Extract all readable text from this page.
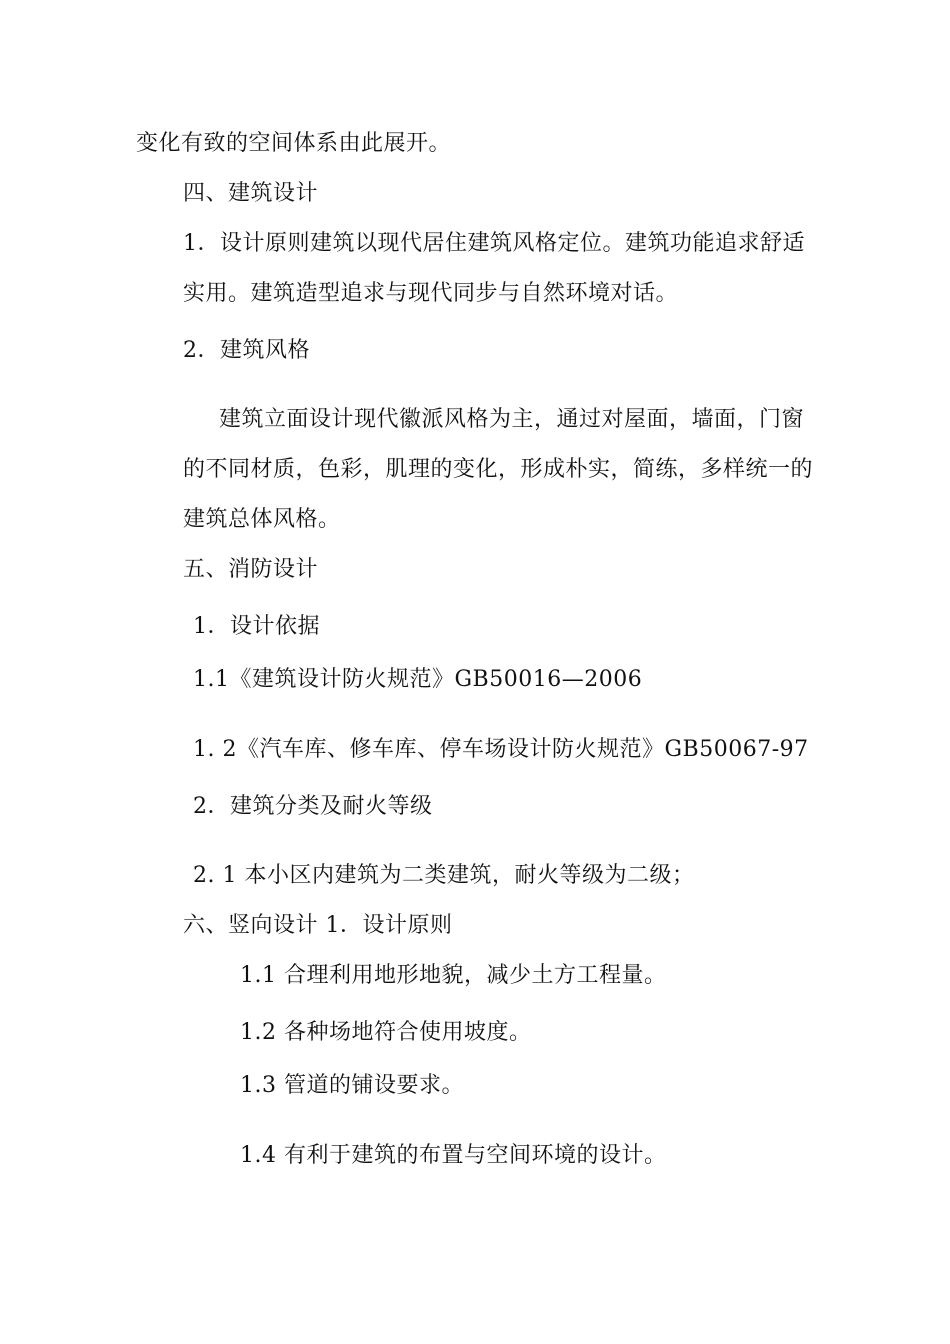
变化有致的空间体系由此展开。
四、建筑设计
1．设计原则建筑以现代居住建筑风格定位。建筑功能追求舒适
实用。建筑造型追求与现代同步与自然环境对话。
2．建筑风格
建筑立面设计现代徽派风格为主，通过对屋面，墙面，门窗
的不同材质，色彩，肌理的变化，形成朴实，简练，多样统一的
建筑总体风格。
五、消防设计
1．设计依据
1.1《建筑设计防火规范》GB50016—2006
1. 2《汽车库、修车库、停车场设计防火规范》GB50067-97
2．建筑分类及耐火等级
2. 1 本小区内建筑为二类建筑，耐火等级为二级；
六、竖向设计 1．设计原则
1.1 合理利用地形地貌，减少土方工程量。
1.2 各种场地符合使用坡度。
1.3 管道的铺设要求。
1.4 有利于建筑的布置与空间环境的设计。
